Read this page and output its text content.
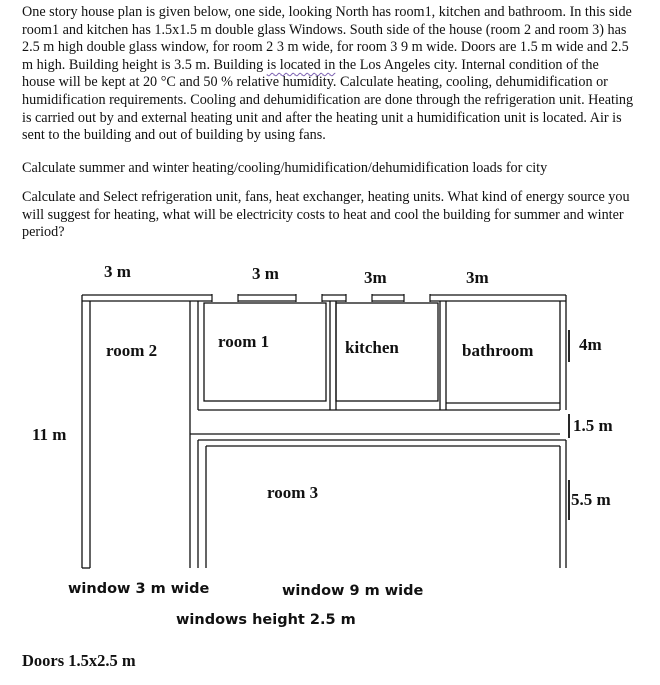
One story house plan is given below, one side, looking North has room1, kitchen and bathroom. In this side room1 and kitchen has 1.5x1.5 m double glass Windows. South side of the house (room 2 and room 3) has 2.5 m high double glass window, for room 2 3 m wide, for room 3 9 m wide. Doors are 1.5 m wide and 2.5 m high. Building height is 3.5 m. Building is located in the Los Angeles city. Internal condition of the house will be kept at 20 °C and 50 % relative humidity. Calculate heating, cooling, dehumidification or humidification requirements. Cooling and dehumidification are done through the refrigeration unit. Heating is carried out by and external heating unit and after the heating unit a humidification unit is located. Air is sent to the building and out of building by using fans.

Calculate summer and winter heating/cooling/humidification/dehumidification loads for city

Calculate and Select refrigeration unit, fans, heat exchanger, heating units. What kind of energy source you will suggest for heating, what will be electricity costs to heat and cool the building for summer and winter period?

3 m	3 m	3m	3m
4m
1.5 m
5.5 m
11 m
room 2	room 1	kitchen	bathroom
room 3
window 3 m wide	window 9 m wide
windows height 2.5 m
Doors 1.5x2.5 m
